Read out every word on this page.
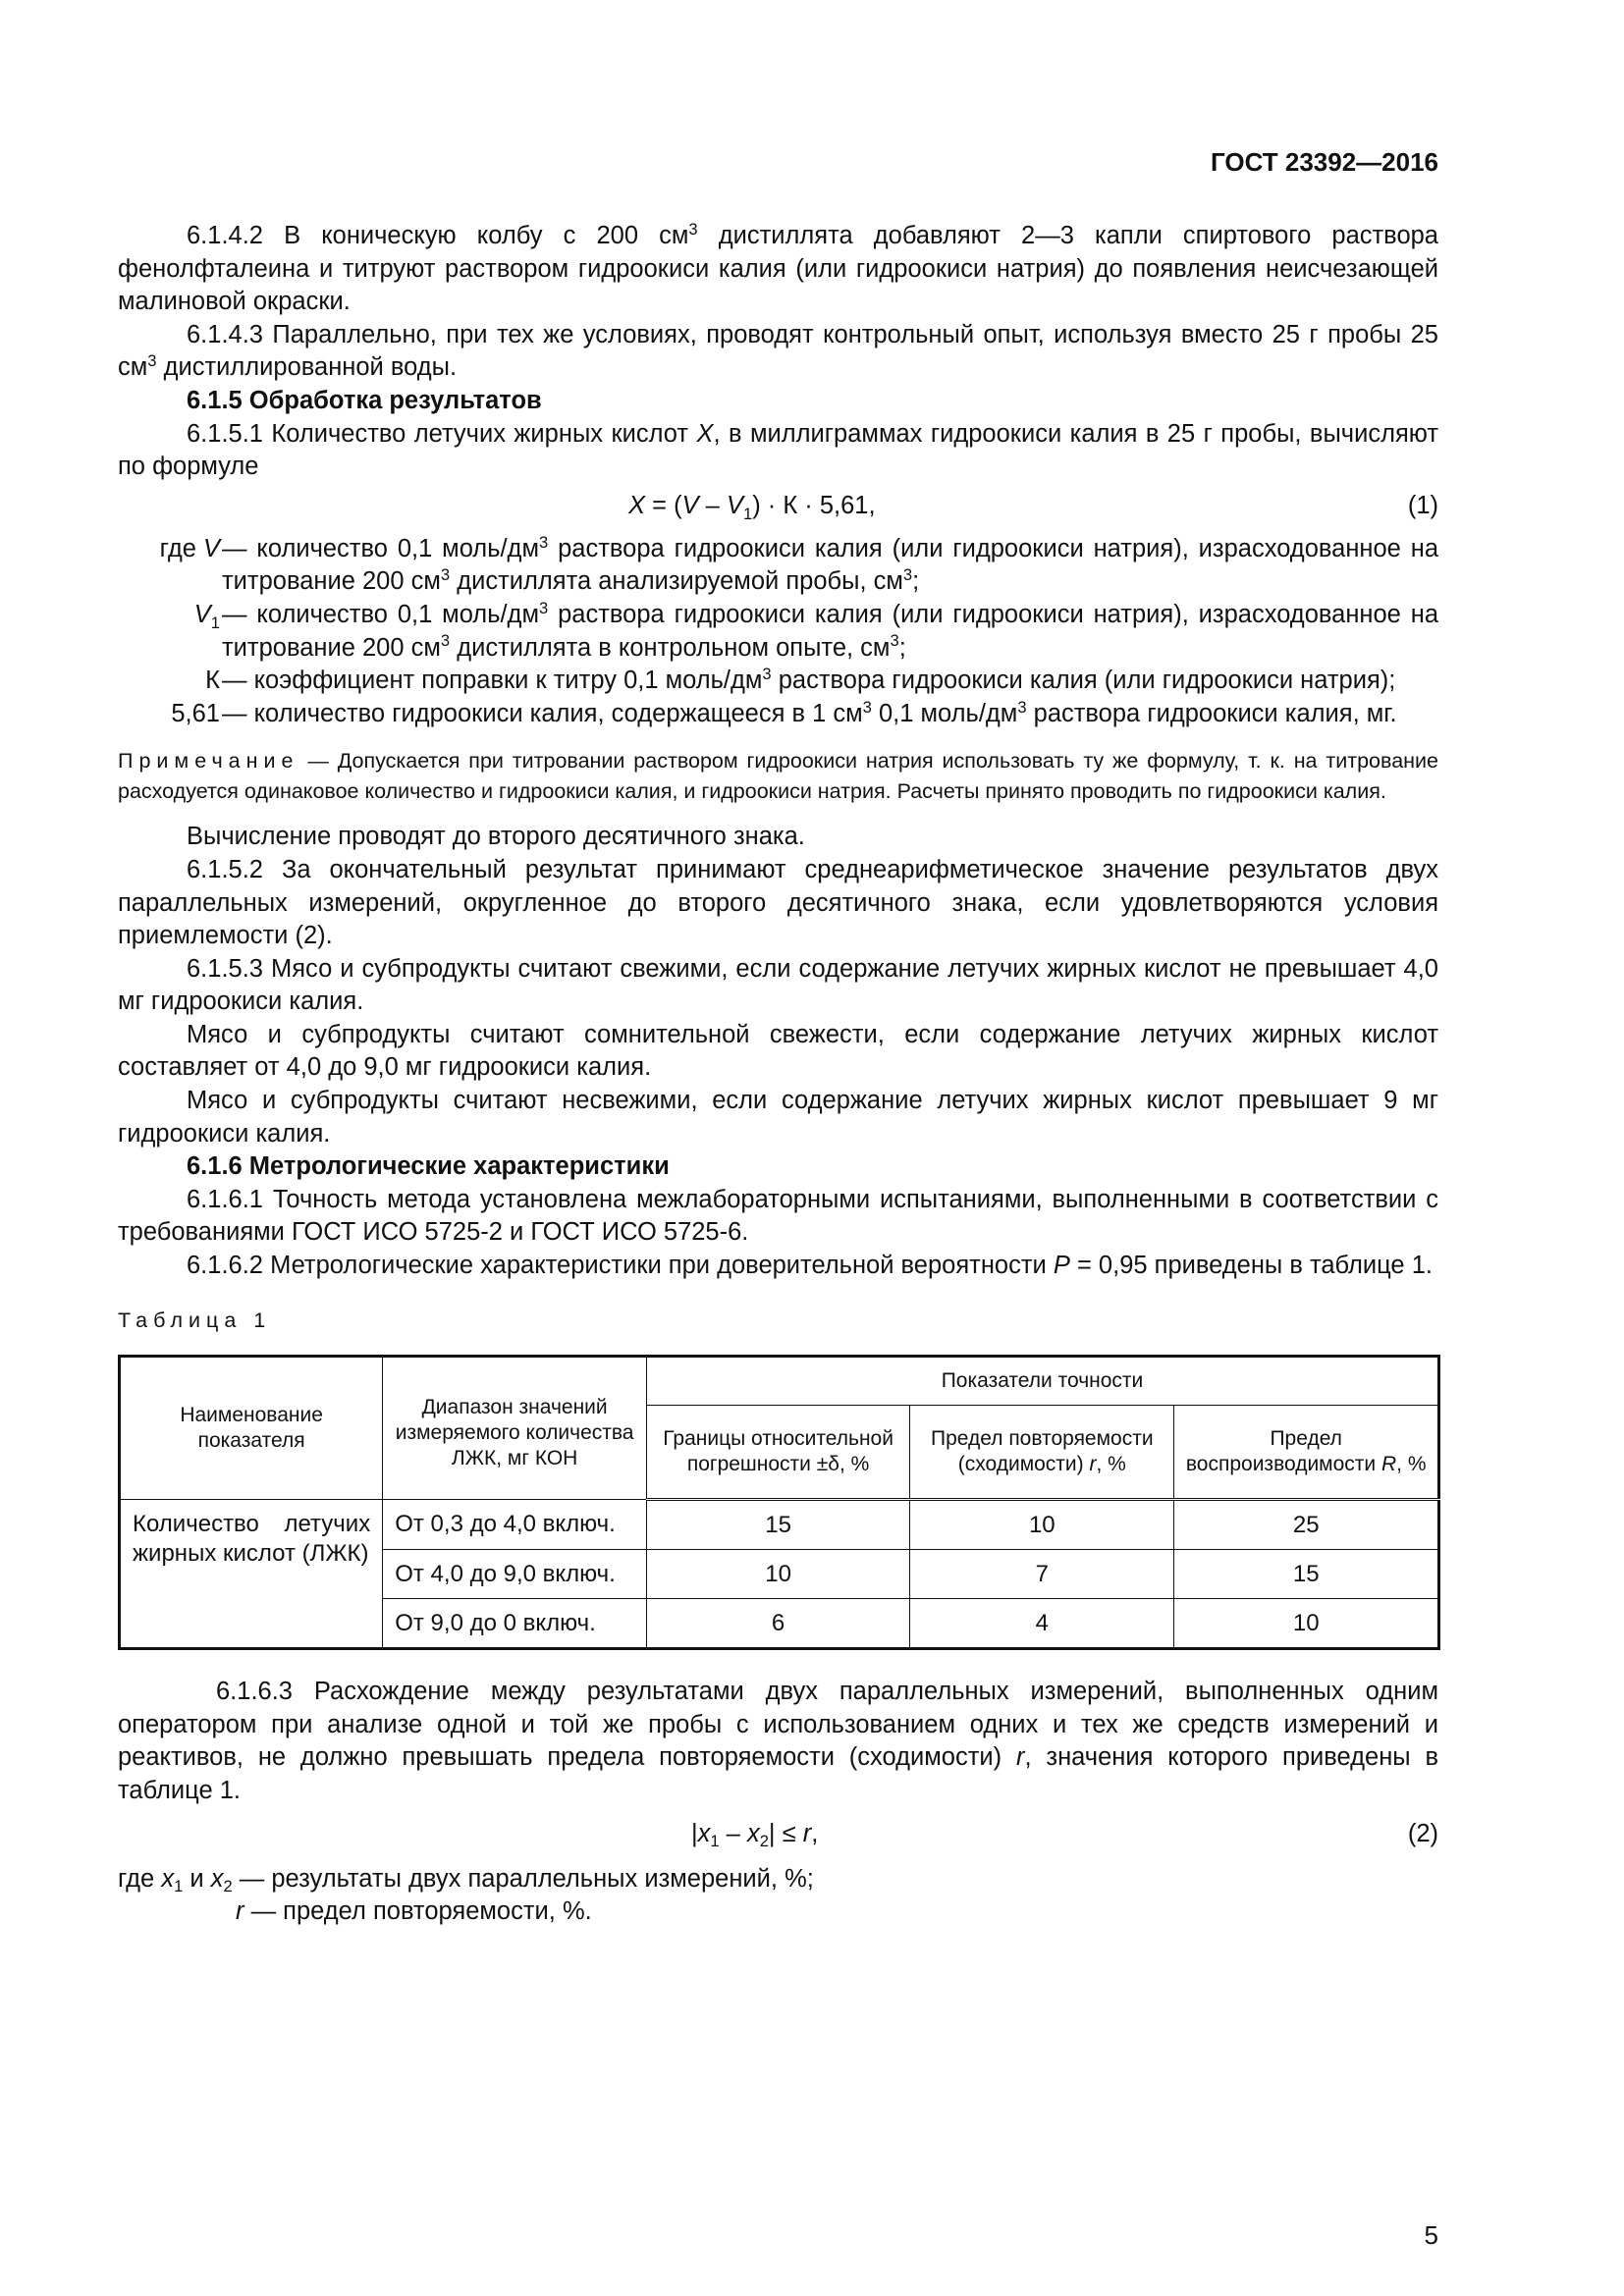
ГОСТ 23392—2016

6.1.4.2 В коническую колбу с 200 $см^3$ дистиллята добавляют 2—3 капли спиртового раствора фенолфталеина и титруют раствором гидроокиси калия (или гидроокиси натрия) до появления неисчезающей малиновой окраски.

6.1.4.3 Параллельно, при тех же условиях, проводят контрольный опыт, используя вместо 25 г пробы 25 $см^3$ дистиллированной воды.

6.1.5 Обработка результатов

6.1.5.1 Количество летучих жирных кислот X, в миллиграммах гидроокиси калия в 25 г пробы, вычисляют по формуле

$X = (V - V_1) \cdot К \cdot 5,61$,	(1)
где V — количество 0,1 моль/$дм^3$ раствора гидроокиси калия (или гидроокиси натрия), израсходованное на титрование 200 $см^3$ дистиллята анализируемой пробы, $см^3$;
$V_1$ — количество 0,1 моль/$дм^3$ раствора гидроокиси калия (или гидроокиси натрия), израсходованное на титрование 200 $см^3$ дистиллята в контрольном опыте, $см^3$;
К — коэффициент поправки к титру 0,1 моль/$дм^3$ раствора гидроокиси калия (или гидроокиси натрия);
5,61 — количество гидроокиси калия, содержащееся в 1 $см^3$ 0,1 моль/$дм^3$ раствора гидроокиси калия, мг.

Примечание — Допускается при титровании раствором гидроокиси натрия использовать ту же формулу, т. к. на титрование расходуется одинаковое количество и гидроокиси калия, и гидроокиси натрия. Расчеты принято проводить по гидроокиси калия.

Вычисление проводят до второго десятичного знака.

6.1.5.2 За окончательный результат принимают среднеарифметическое значение результатов двух параллельных измерений, округленное до второго десятичного знака, если удовлетворяются условия приемлемости (2).

6.1.5.3 Мясо и субпродукты считают свежими, если содержание летучих жирных кислот не превышает 4,0 мг гидроокиси калия.

Мясо и субпродукты считают сомнительной свежести, если содержание летучих жирных кислот составляет от 4,0 до 9,0 мг гидроокиси калия.

Мясо и субпродукты считают несвежими, если содержание летучих жирных кислот превышает 9 мг гидроокиси калия.

6.1.6 Метрологические характеристики

6.1.6.1 Точность метода установлена межлабораторными испытаниями, выполненными в соответствии с требованиями ГОСТ ИСО 5725-2 и ГОСТ ИСО 5725-6.

6.1.6.2 Метрологические характеристики при доверительной вероятности P = 0,95 приведены в таблице 1.

Таблица 1
Наименование показателя	Диапазон значений измеряемого количества ЛЖК, мг КОН	Показатели точности		
		Границы относительной погрешности ±δ, %	Предел повторяемости (сходимости) r, %	Предел воспроизводимости R, %
Количество летучих жирных кислот (ЛЖК)	От 0,3 до 4,0 включ.	15	10	25
	От 4,0 до 9,0 включ.	10	7	15
	От 9,0 до 0 включ.	6	4	10

6.1.6.3 Расхождение между результатами двух параллельных измерений, выполненных одним оператором при анализе одной и той же пробы с использованием одних и тех же средств измерений и реактивов, не должно превышать предела повторяемости (сходимости) r, значения которого приведены в таблице 1.

$|x_1 - x_2| \le r$,	(2)

где $x_1$ и $x_2$ — результаты двух параллельных измерений, %;

r — предел повторяемости, %.

5
